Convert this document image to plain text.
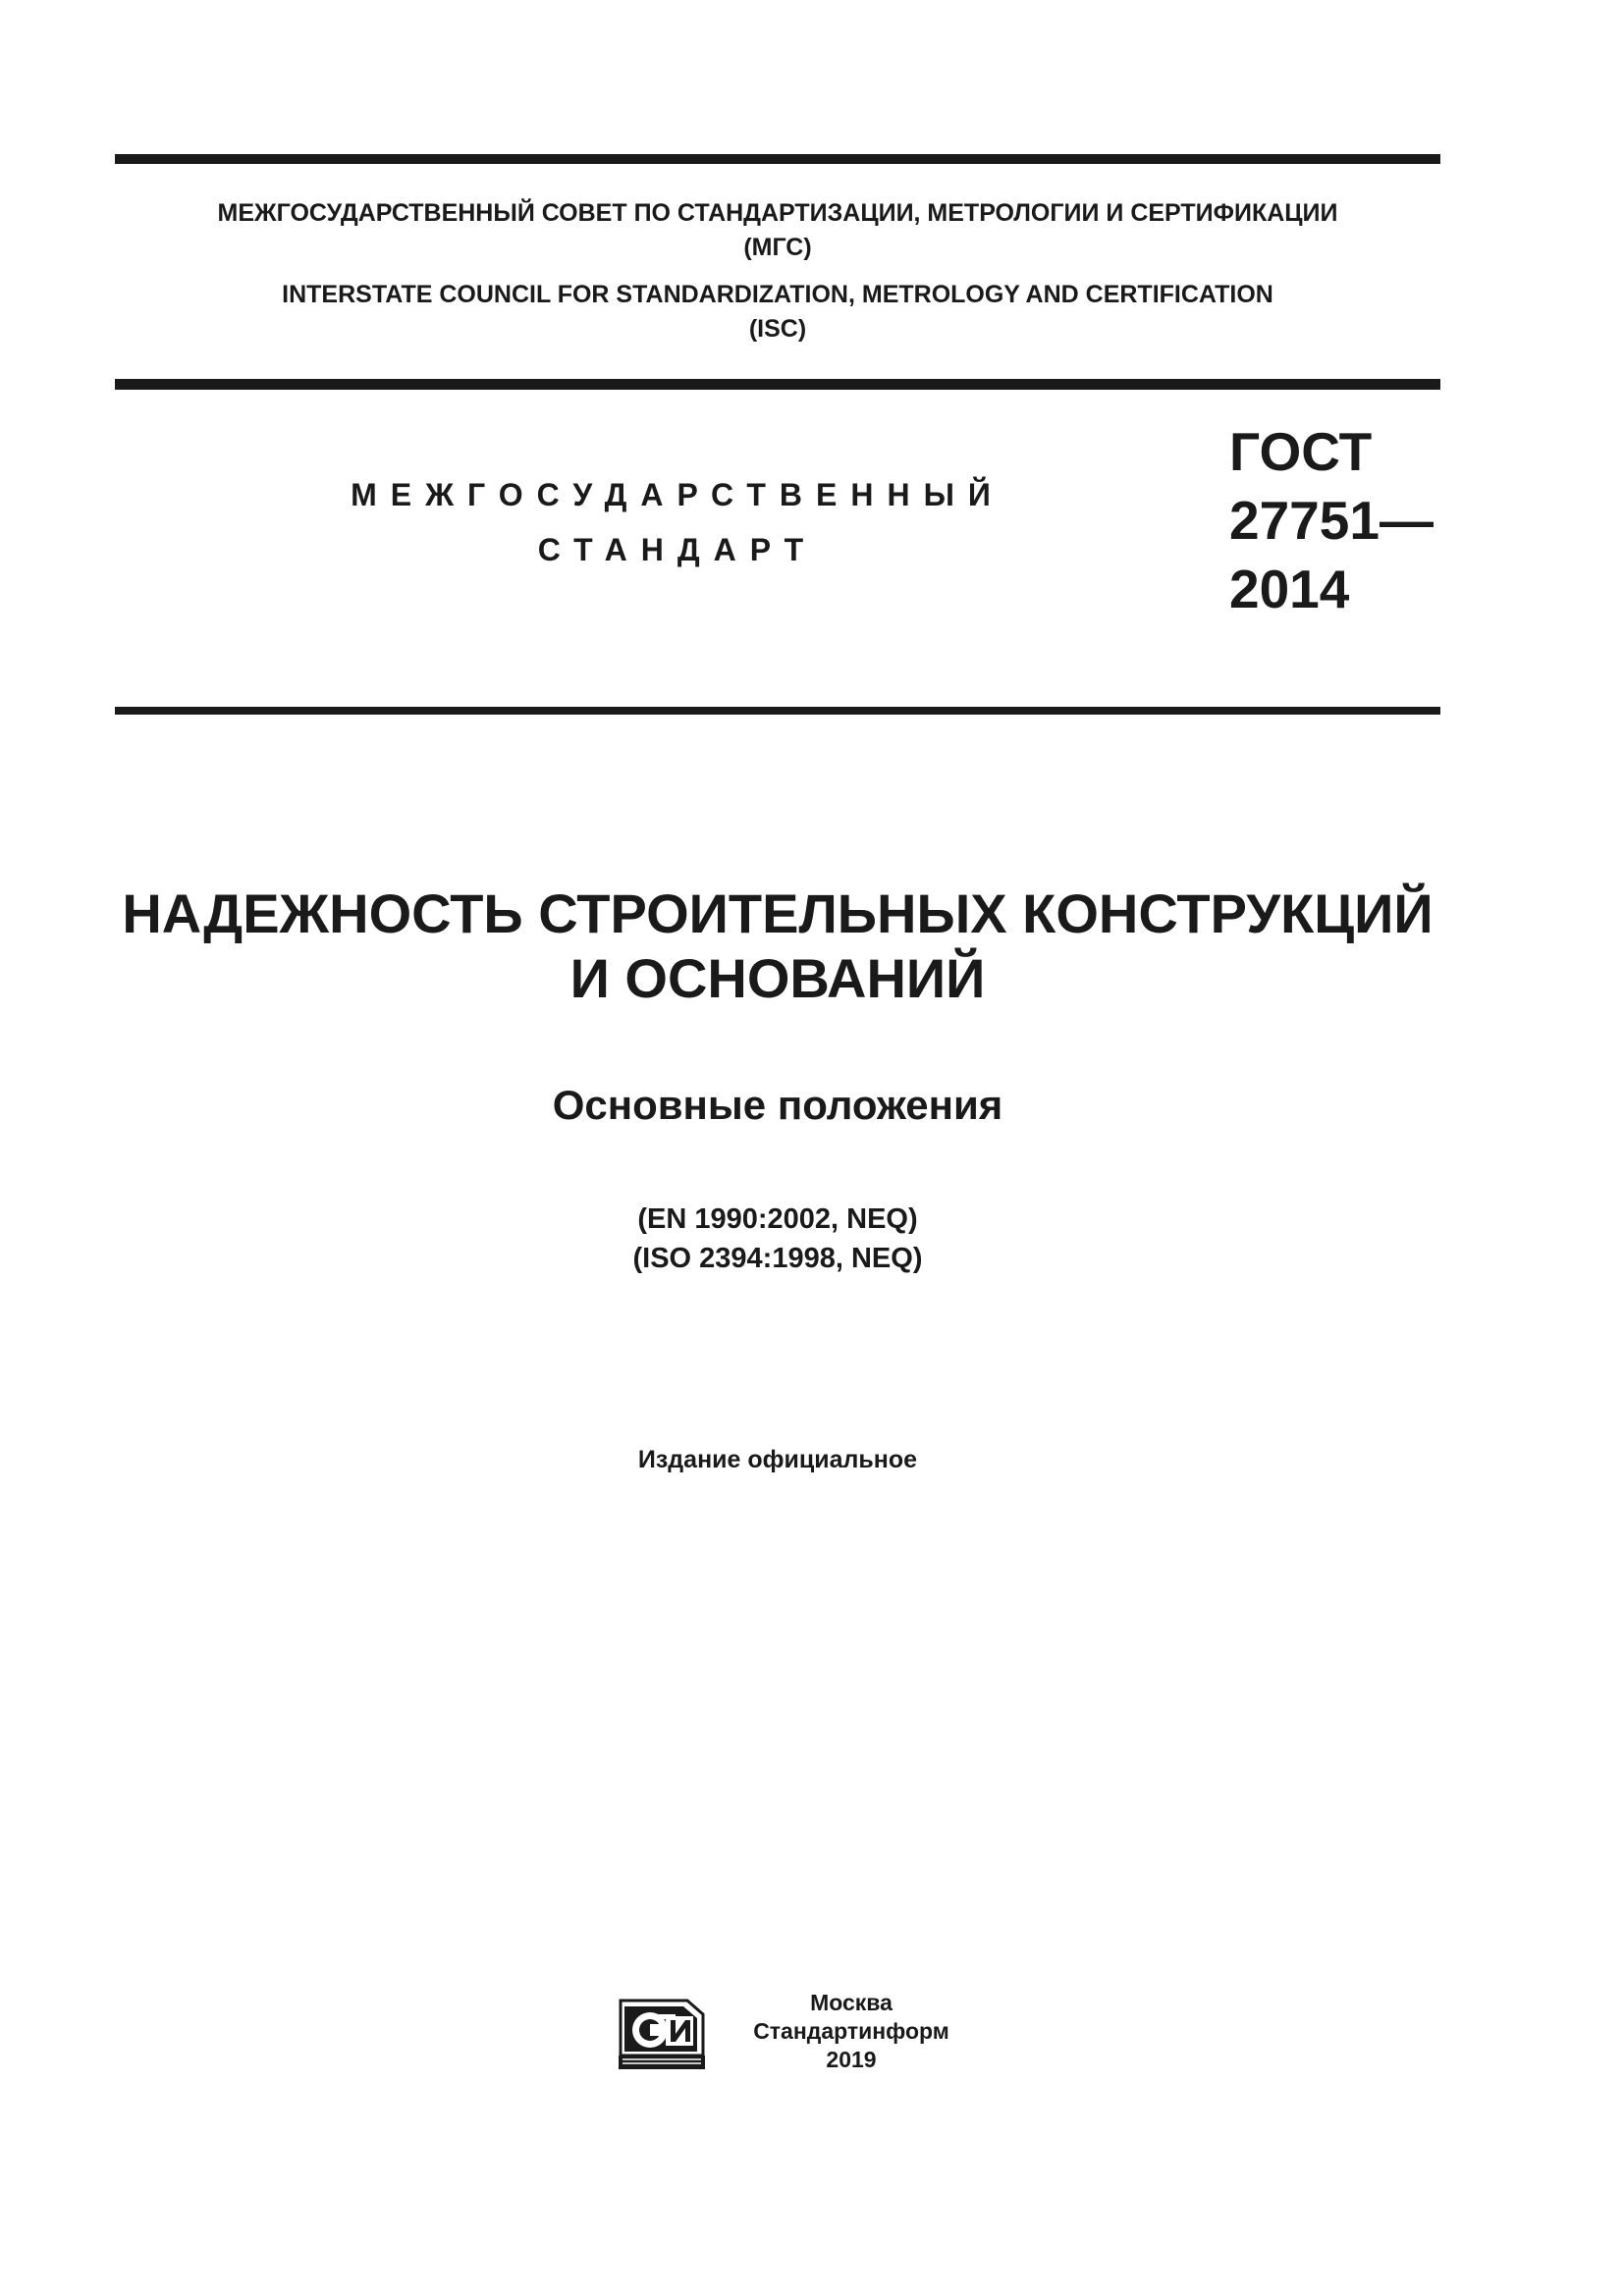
МЕЖГОСУДАРСТВЕННЫЙ СОВЕТ ПО СТАНДАРТИЗАЦИИ, МЕТРОЛОГИИ И СЕРТИФИКАЦИИ
(МГС)
INTERSTATE COUNCIL FOR STANDARDIZATION, METROLOGY AND CERTIFICATION
(ISC)
МЕЖГОСУДАРСТВЕННЫЙ
СТАНДАРТ
ГОСТ
27751—
2014
НАДЕЖНОСТЬ СТРОИТЕЛЬНЫХ КОНСТРУКЦИЙ
И ОСНОВАНИЙ
Основные положения
(EN 1990:2002, NEQ)
(ISO 2394:1998, NEQ)
Издание официальное
Москва
Стандартинформ
2019
